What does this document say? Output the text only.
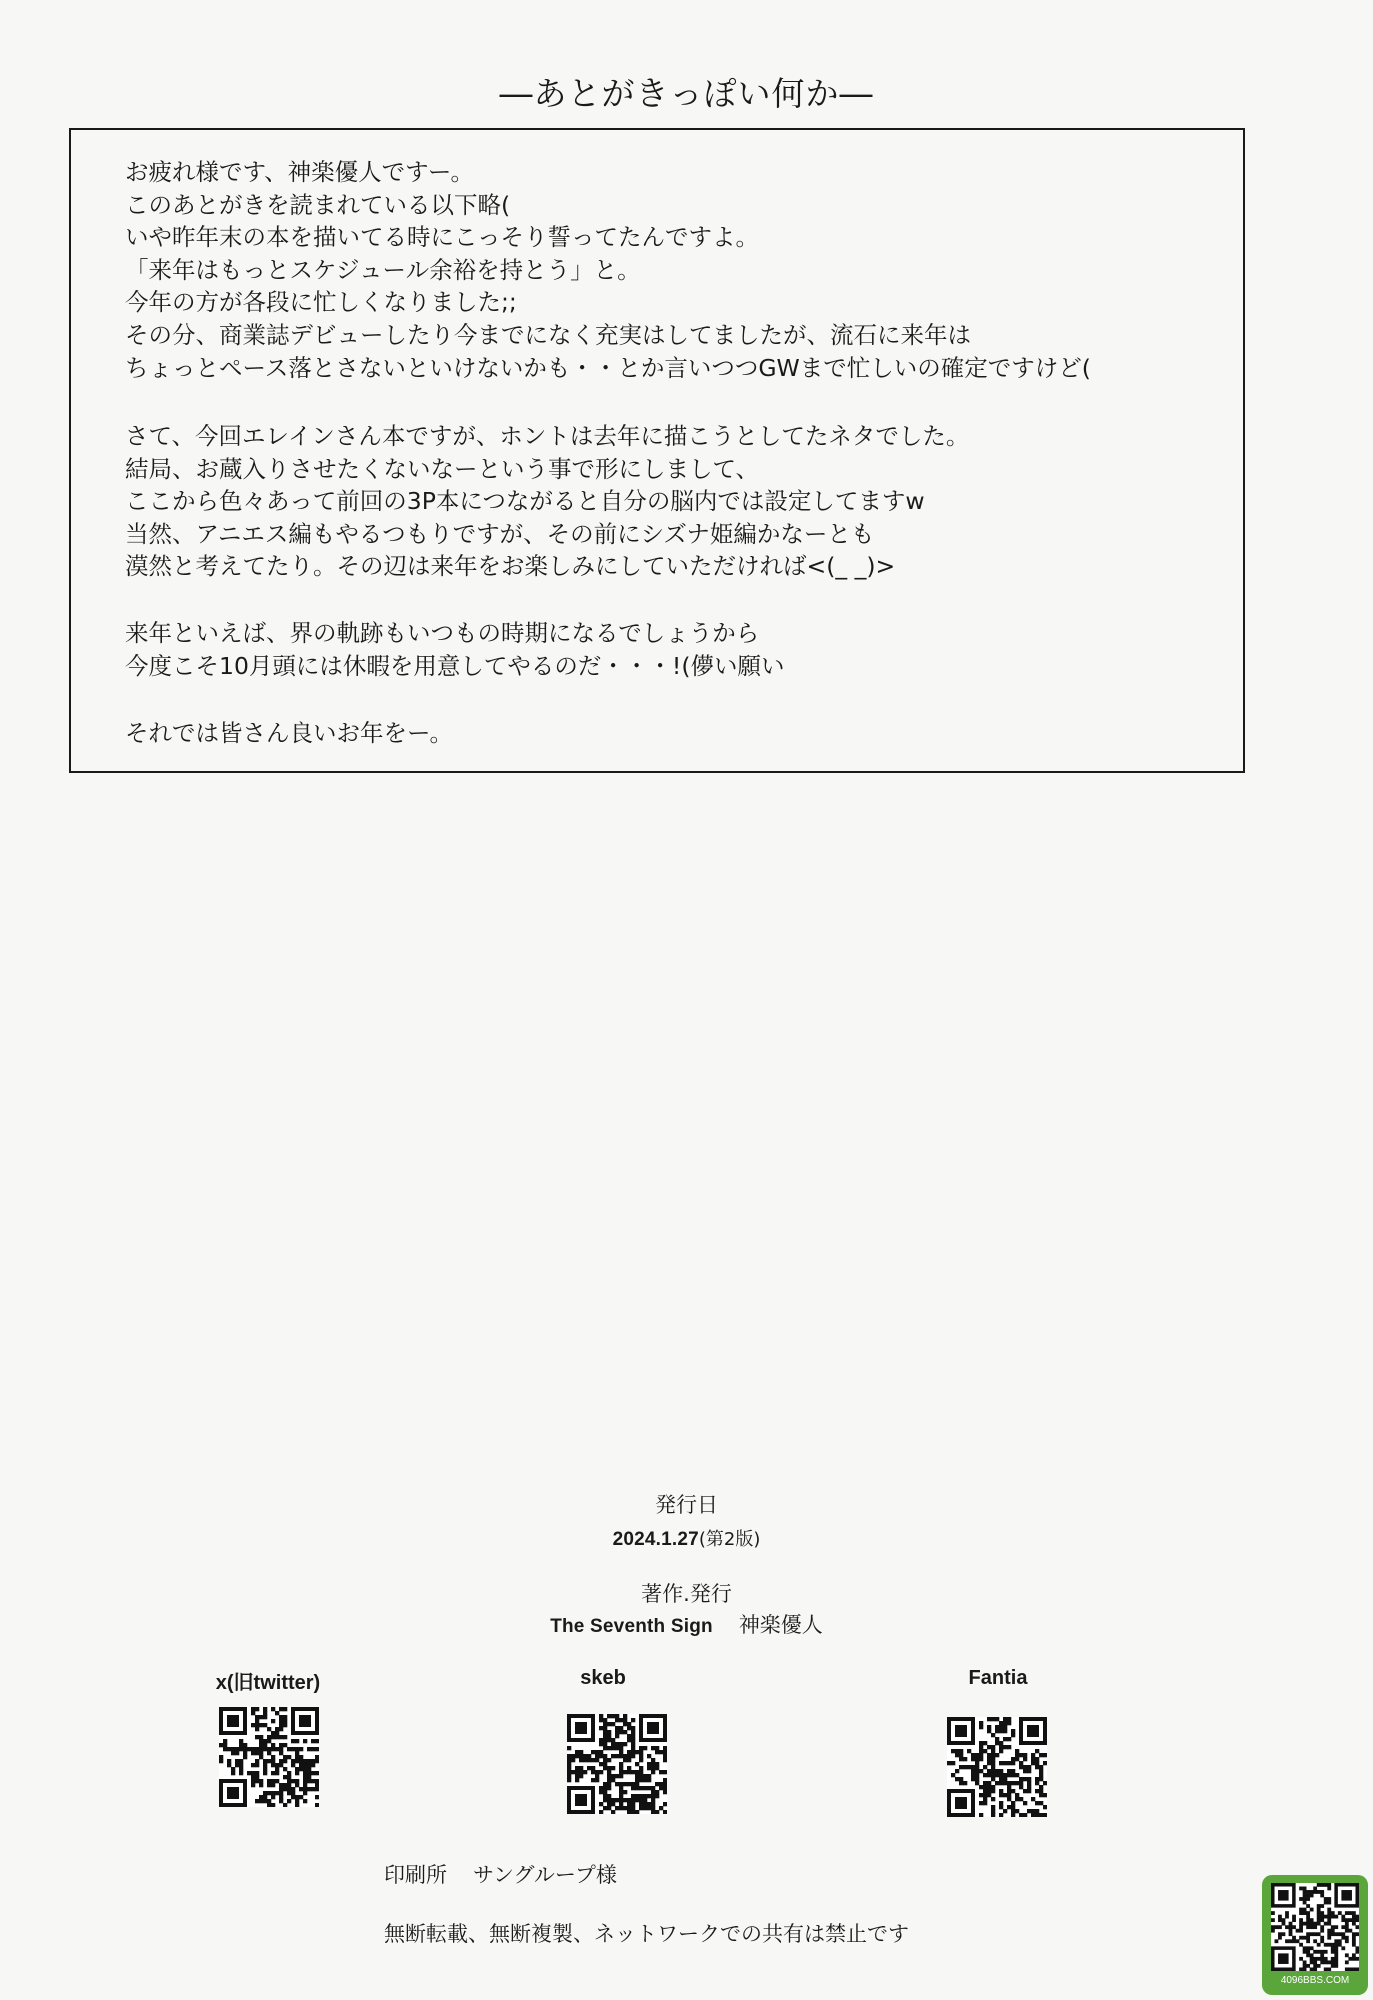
―あとがきっぽい何か―
お疲れ様です、神楽優人ですー。
このあとがきを読まれている以下略(
いや昨年末の本を描いてる時にこっそり誓ってたんですよ。
「来年はもっとスケジュール余裕を持とう」と。
今年の方が各段に忙しくなりました;;
その分、商業誌デビューしたり今までになく充実はしてましたが、流石に来年は
ちょっとペース落とさないといけないかも・・とか言いつつGWまで忙しいの確定ですけど(
さて、今回エレインさん本ですが、ホントは去年に描こうとしてたネタでした。
結局、お蔵入りさせたくないなーという事で形にしまして、
ここから色々あって前回の3P本につながると自分の脳内では設定してますw
当然、アニエス編もやるつもりですが、その前にシズナ姫編かなーとも
漠然と考えてたり。その辺は来年をお楽しみにしていただければ<(_ _)>
来年といえば、界の軌跡もいつもの時期になるでしょうから
今度こそ10月頭には休暇を用意してやるのだ・・・!(儚い願い
それでは皆さん良いお年をー。
発行日
2024.1.27(第2版)
著作.発行
The Seventh Sign 神楽優人
x(旧twitter)	skeb	Fantia
印刷所 サングループ様
無断転載、無断複製、ネットワークでの共有は禁止です
4096BBS.COM
